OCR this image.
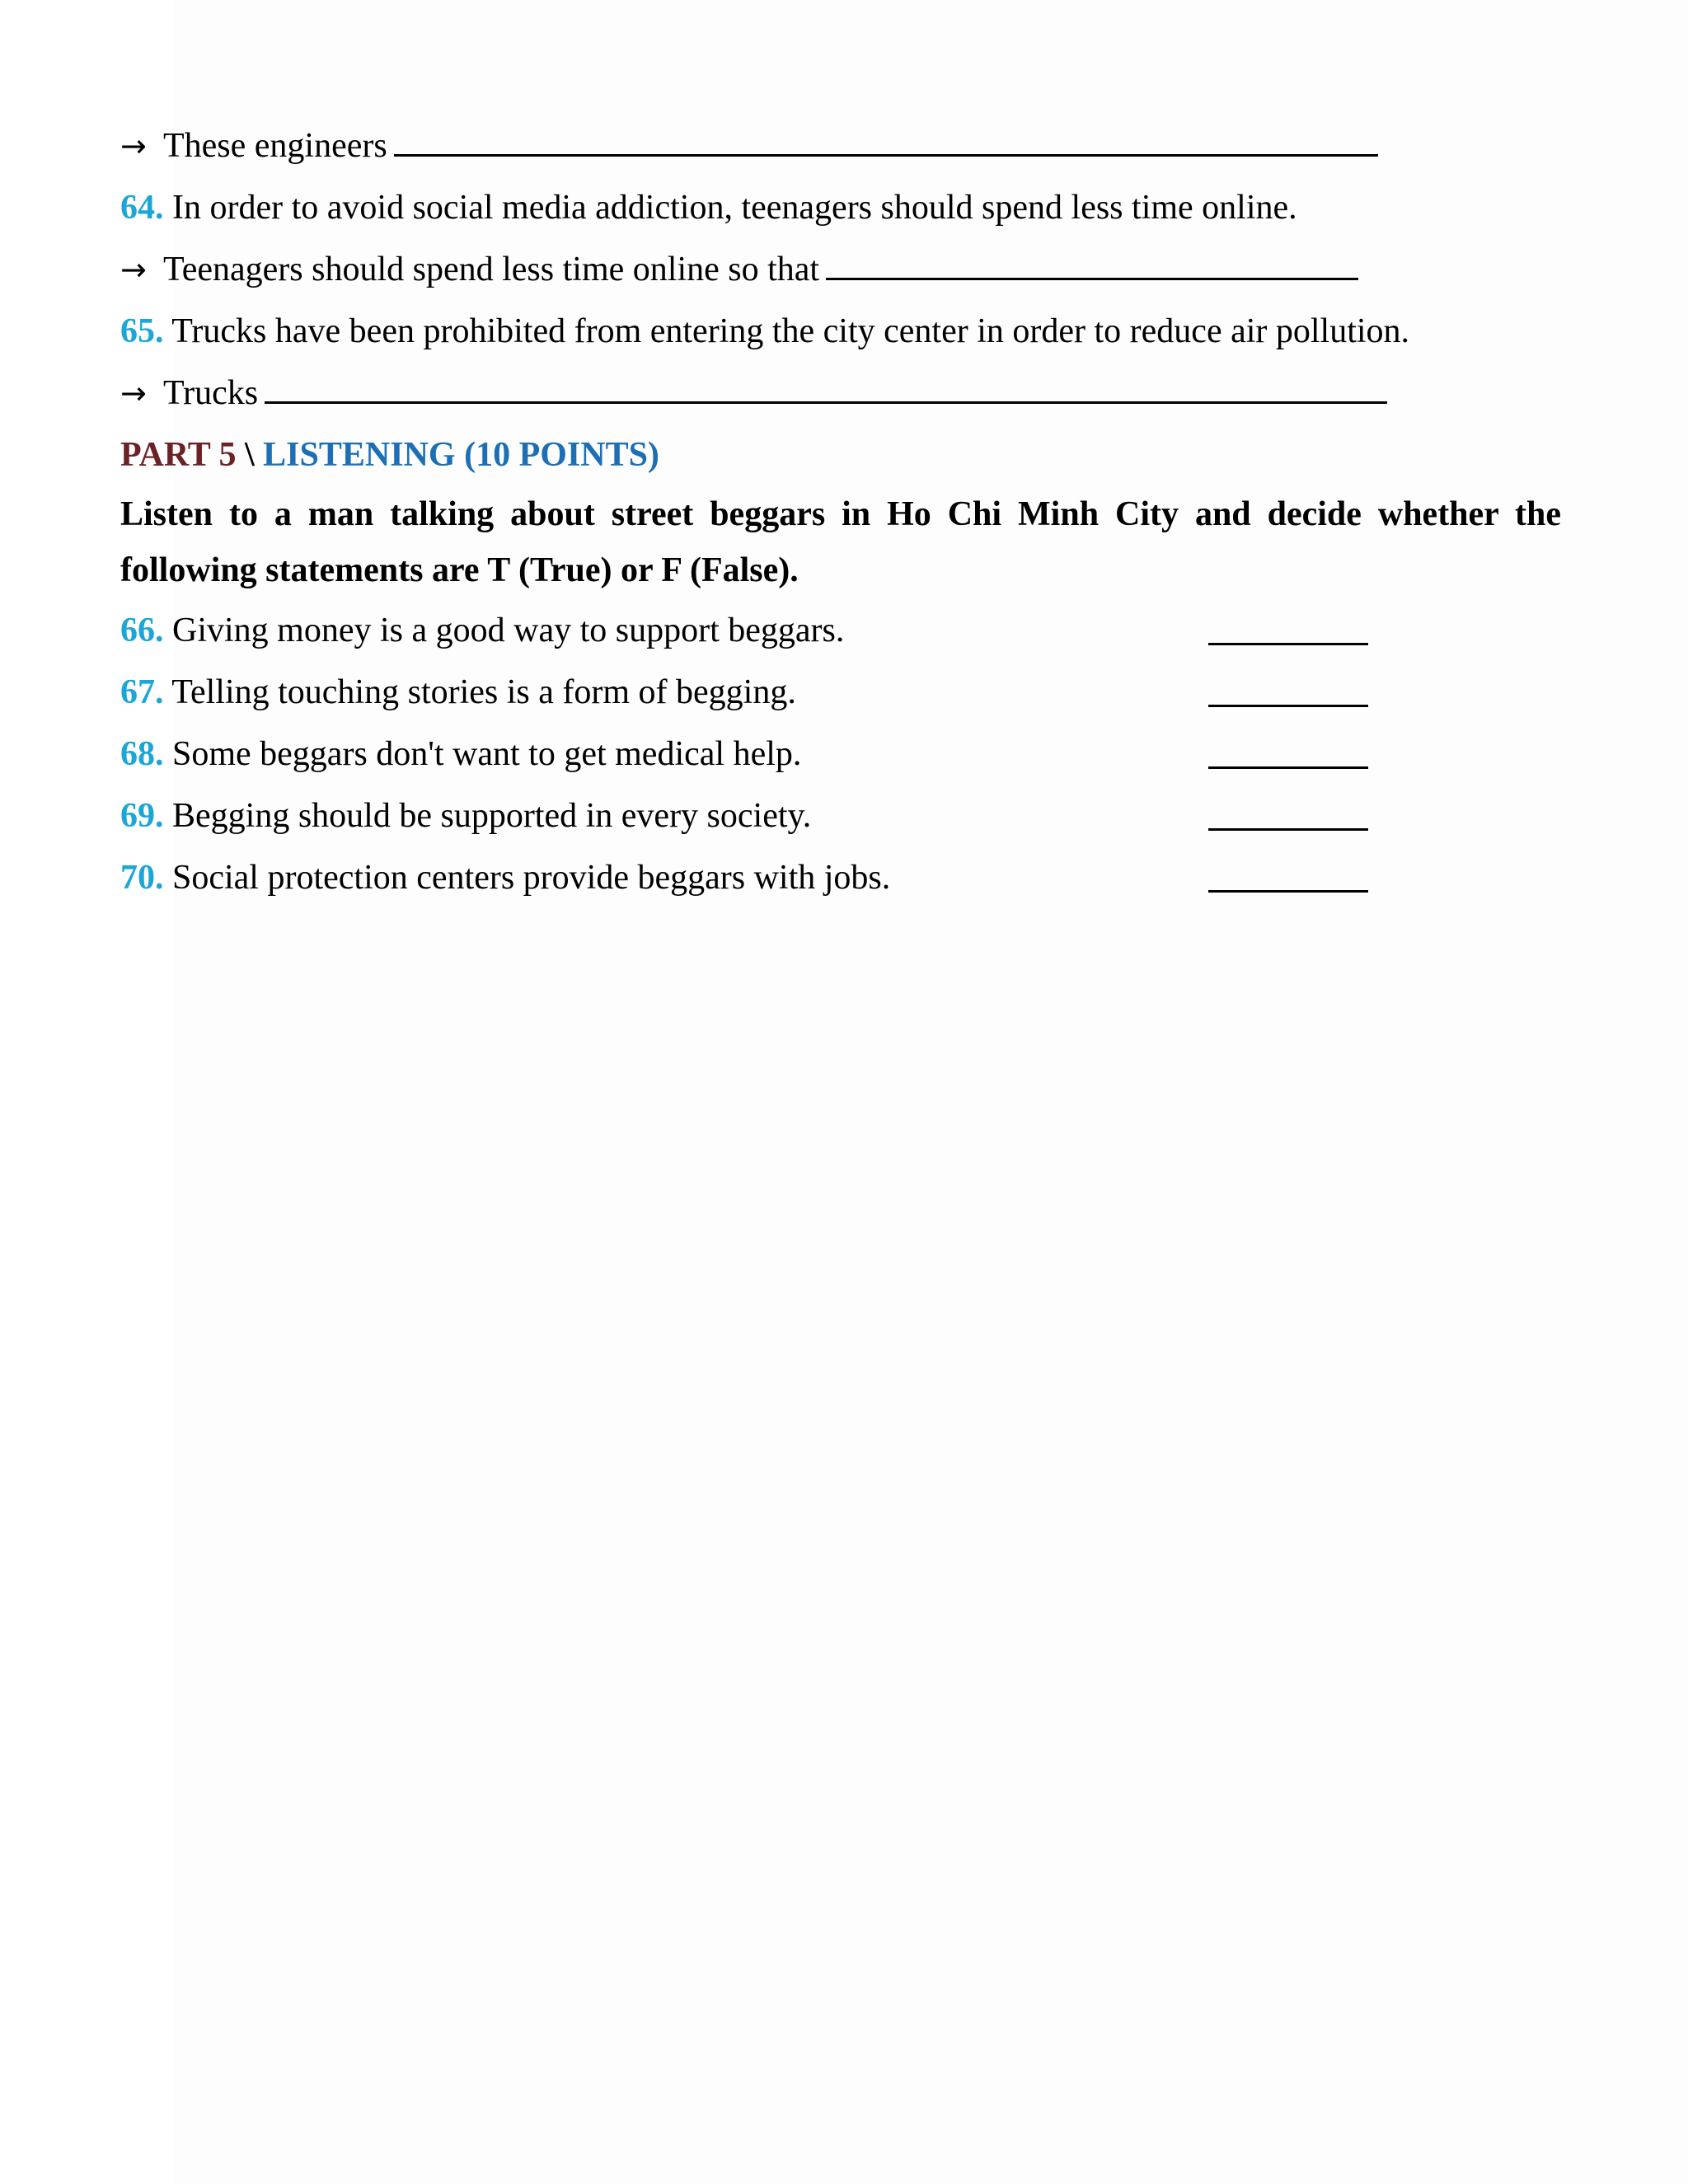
→ These engineers
64. In order to avoid social media addiction, teenagers should spend less time online.
→ Teenagers should spend less time online so that
65. Trucks have been prohibited from entering the city center in order to reduce air pollution.
→ Trucks
PART 5 \ LISTENING (10 POINTS)
Listen to a man talking about street beggars in Ho Chi Minh City and decide whether the following statements are T (True) or F (False).
66. Giving money is a good way to support beggars.
67. Telling touching stories is a form of begging.
68. Some beggars don't want to get medical help.
69. Begging should be supported in every society.
70. Social protection centers provide beggars with jobs.
